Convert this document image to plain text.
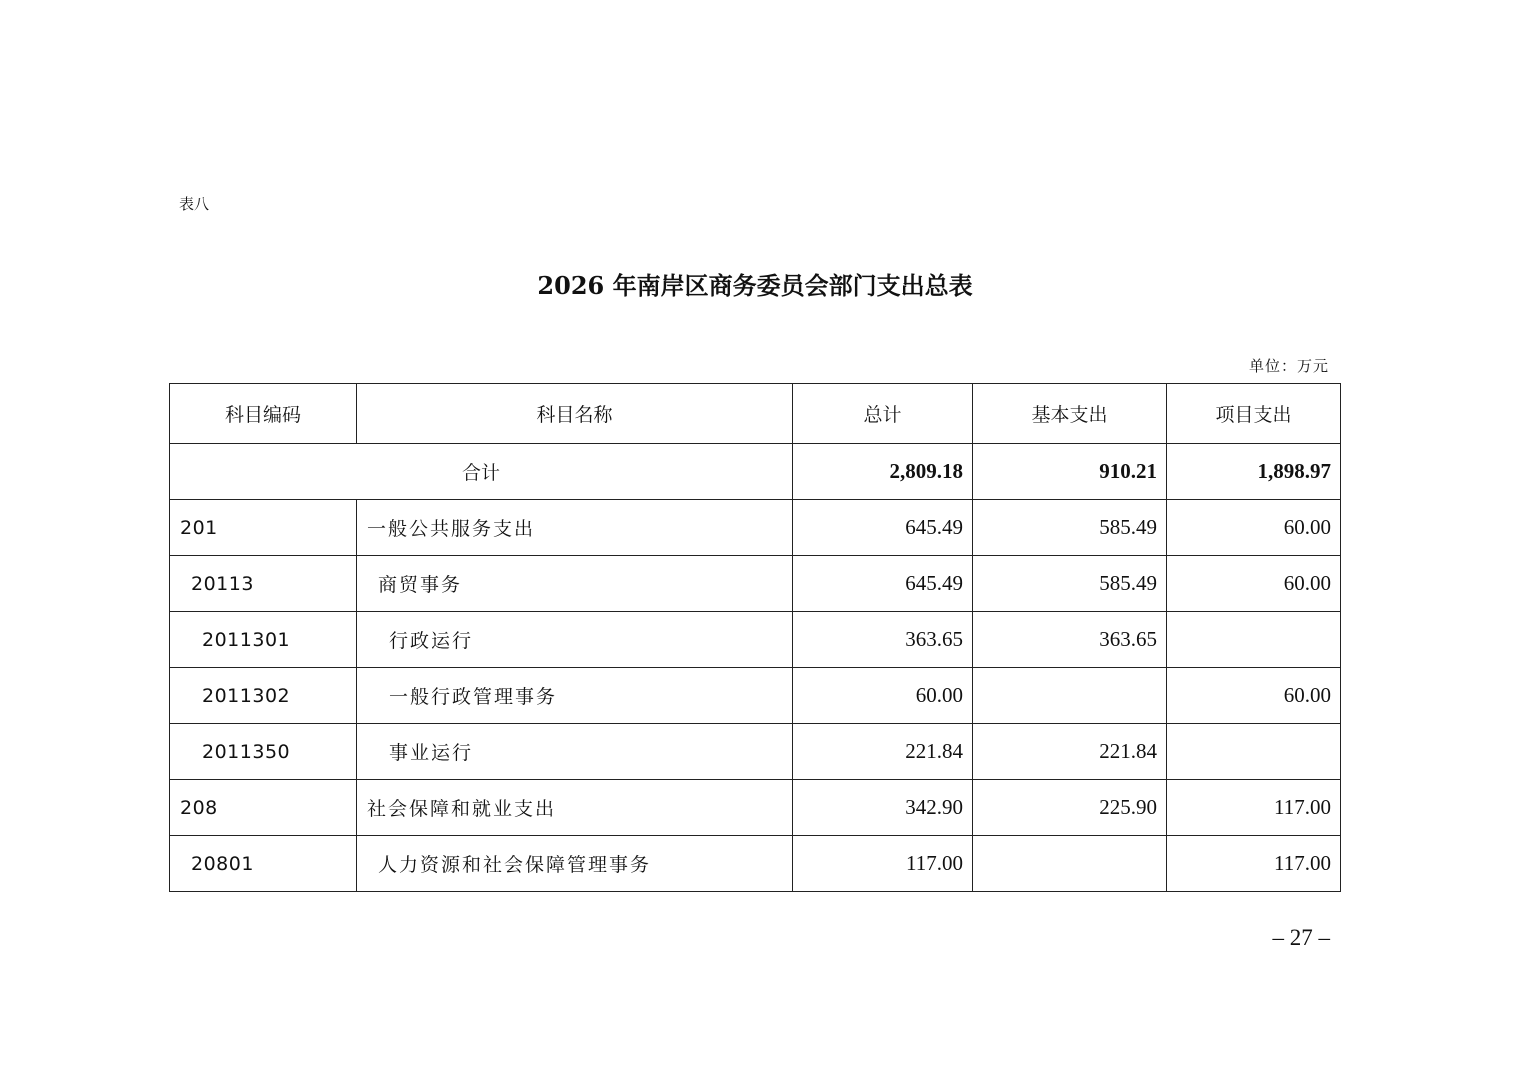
表八
2026 年南岸区商务委员会部门支出总表
单位：万元
科目编码	科目名称	总计	基本支出	项目支出
合计		2,809.18	910.21	1,898.97
201	一般公共服务支出	645.49	585.49	60.00
20113	商贸事务	645.49	585.49	60.00
2011301	行政运行	363.65	363.65	
2011302	一般行政管理事务	60.00		60.00
2011350	事业运行	221.84	221.84	
208	社会保障和就业支出	342.90	225.90	117.00
20801	人力资源和社会保障管理事务	117.00		117.00
– 27 –
